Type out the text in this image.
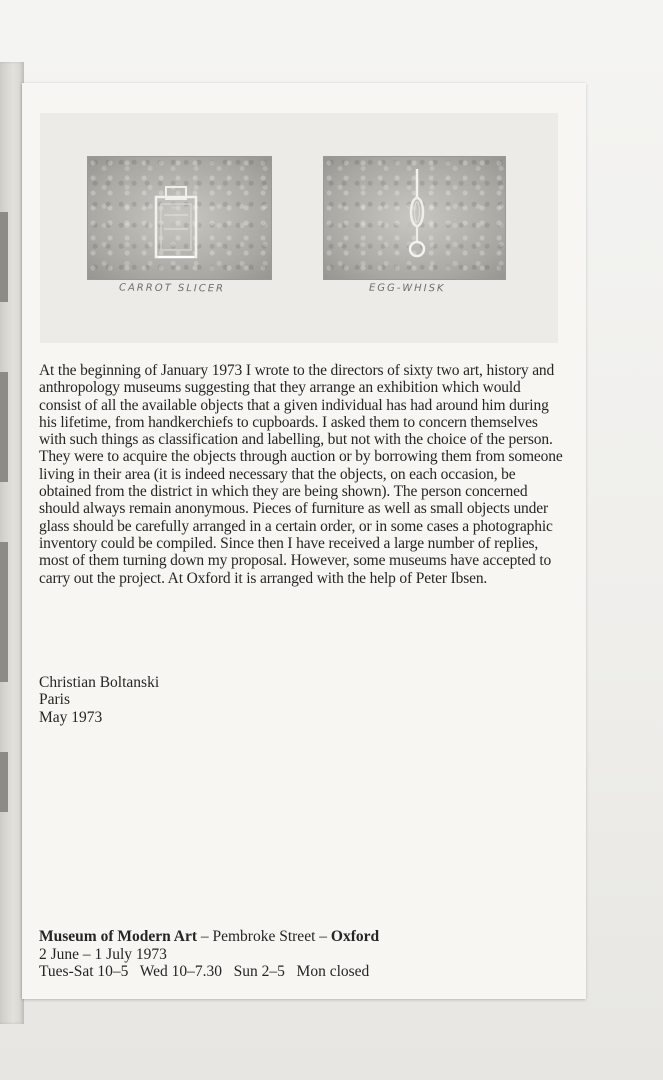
CARROT SLICER	EGG-WHISK

At the beginning of January 1973 I wrote to the directors of sixty two art, history and anthropology museums suggesting that they arrange an exhibition which would consist of all the available objects that a given individual has had around him during his lifetime, from handkerchiefs to cupboards. I asked them to concern themselves with such things as classification and labelling, but not with the choice of the person. They were to acquire the objects through auction or by borrowing them from someone living in their area (it is indeed necessary that the objects, on each occasion, be obtained from the district in which they are being shown). The person concerned should always remain anonymous. Pieces of furniture as well as small objects under glass should be carefully arranged in a certain order, or in some cases a photographic inventory could be compiled. Since then I have received a large number of replies, most of them turning down my proposal. However, some museums have accepted to carry out the project. At Oxford it is arranged with the help of Peter Ibsen.

Christian Boltanski
Paris
May 1973
Museum of Modern Art – Pembroke Street – Oxford
2 June – 1 July 1973
Tues-Sat 10–5   Wed 10–7.30   Sun 2–5   Mon closed
